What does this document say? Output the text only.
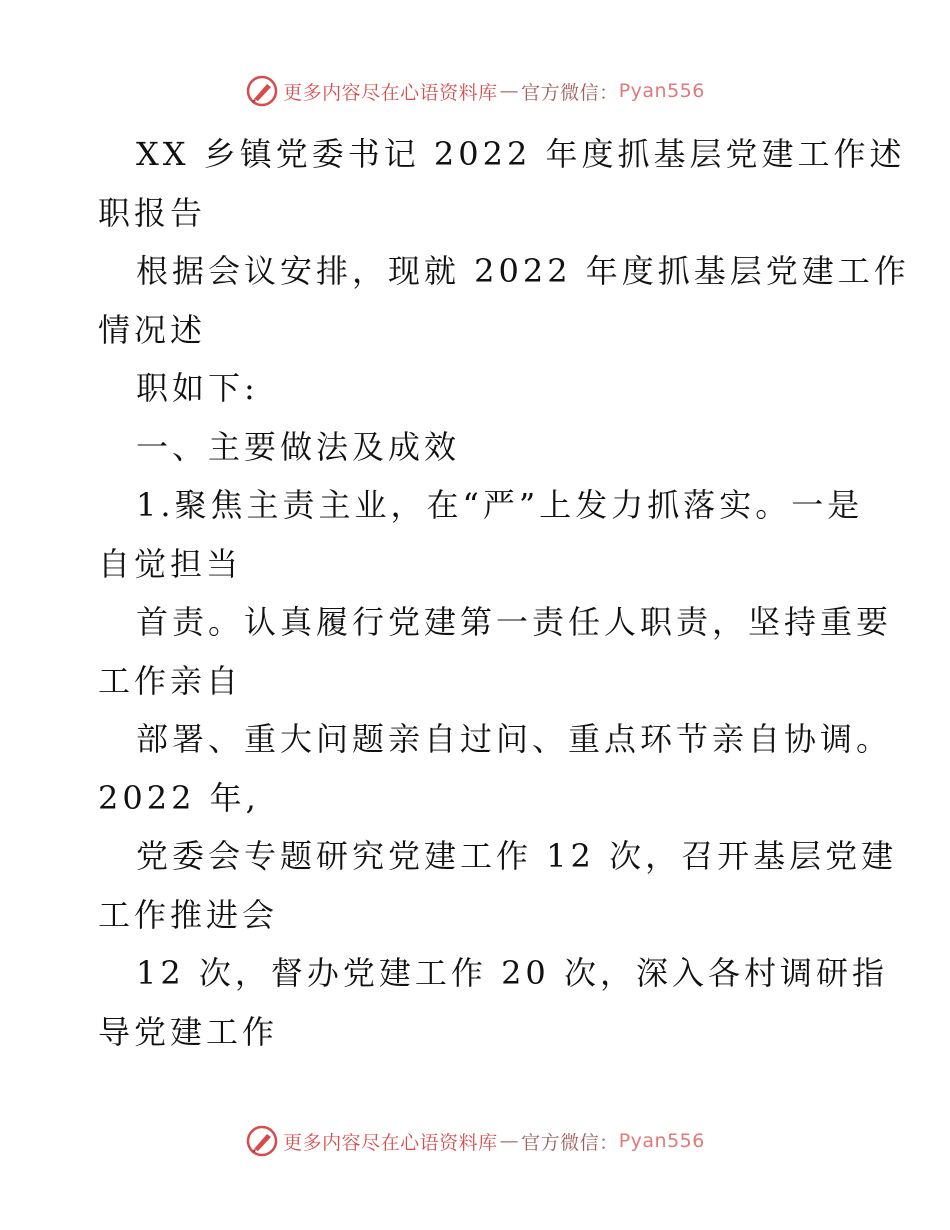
更多内容尽在心语资料库 — 官方微信： Pyan556
XX 乡镇党委书记 2022 年度抓基层党建工作述
职报告
根据会议安排，现就 2022 年度抓基层党建工作
情况述
职如下:
一、主要做法及成效
1.聚焦主责主业，在“严”上发力抓落实。一是
自觉担当
首责。认真履行党建第一责任人职责，坚持重要
工作亲自
部署、重大问题亲自过问、重点环节亲自协调。
2022 年,
党委会专题研究党建工作 12 次，召开基层党建
工作推进会
12 次，督办党建工作 20 次，深入各村调研指
导党建工作
更多内容尽在心语资料库 — 官方微信： Pyan556
